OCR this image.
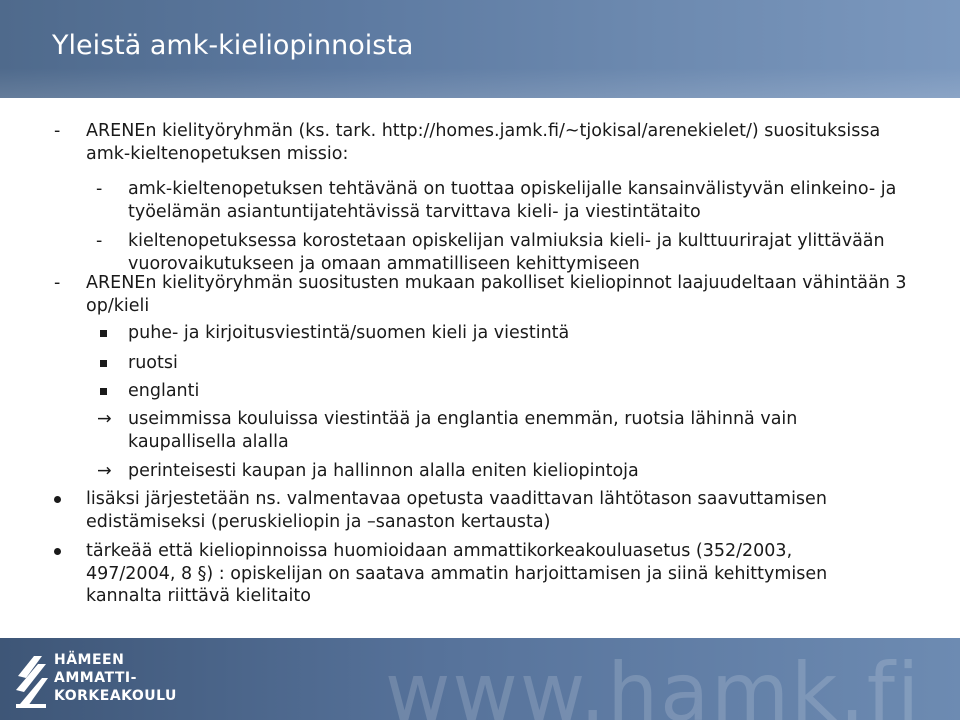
Yleistä amk-kieliopinnoista
- ARENEn kielityöryhmän (ks. tark. http://homes.jamk.fi/~tjokisal/arenekielet/) suosituksissa
amk-kieltenopetuksen missio:
- amk-kieltenopetuksen tehtävänä on tuottaa opiskelijalle kansainvälistyvän elinkeino- ja
työelämän asiantuntijatehtävissä tarvittava kieli- ja viestintätaito
- kieltenopetuksessa korostetaan opiskelijan valmiuksia kieli- ja kulttuurirajat ylittävään
vuorovaikutukseen ja omaan ammatilliseen kehittymiseen
- ARENEn kielityöryhmän suositusten mukaan pakolliset kieliopinnot laajuudeltaan vähintään 3
op/kieli
puhe- ja kirjoitusviestintä/suomen kieli ja viestintä
ruotsi
englanti
→ useimmissa kouluissa viestintää ja englantia enemmän, ruotsia lähinnä vain
kaupallisella alalla
→ perinteisesti kaupan ja hallinnon alalla eniten kieliopintoja
lisäksi järjestetään ns. valmentavaa opetusta vaadittavan lähtötason saavuttamisen
edistämiseksi (peruskieliopin ja –sanaston kertausta)
tärkeää että kieliopinnoissa huomioidaan ammattikorkeakouluasetus (352/2003,
497/2004, 8 §) : opiskelijan on saatava ammatin harjoittamisen ja siinä kehittymisen
kannalta riittävä kielitaito
HÄMEEN
AMMATTI-
KORKEAKOULU	www.hamk.fi
